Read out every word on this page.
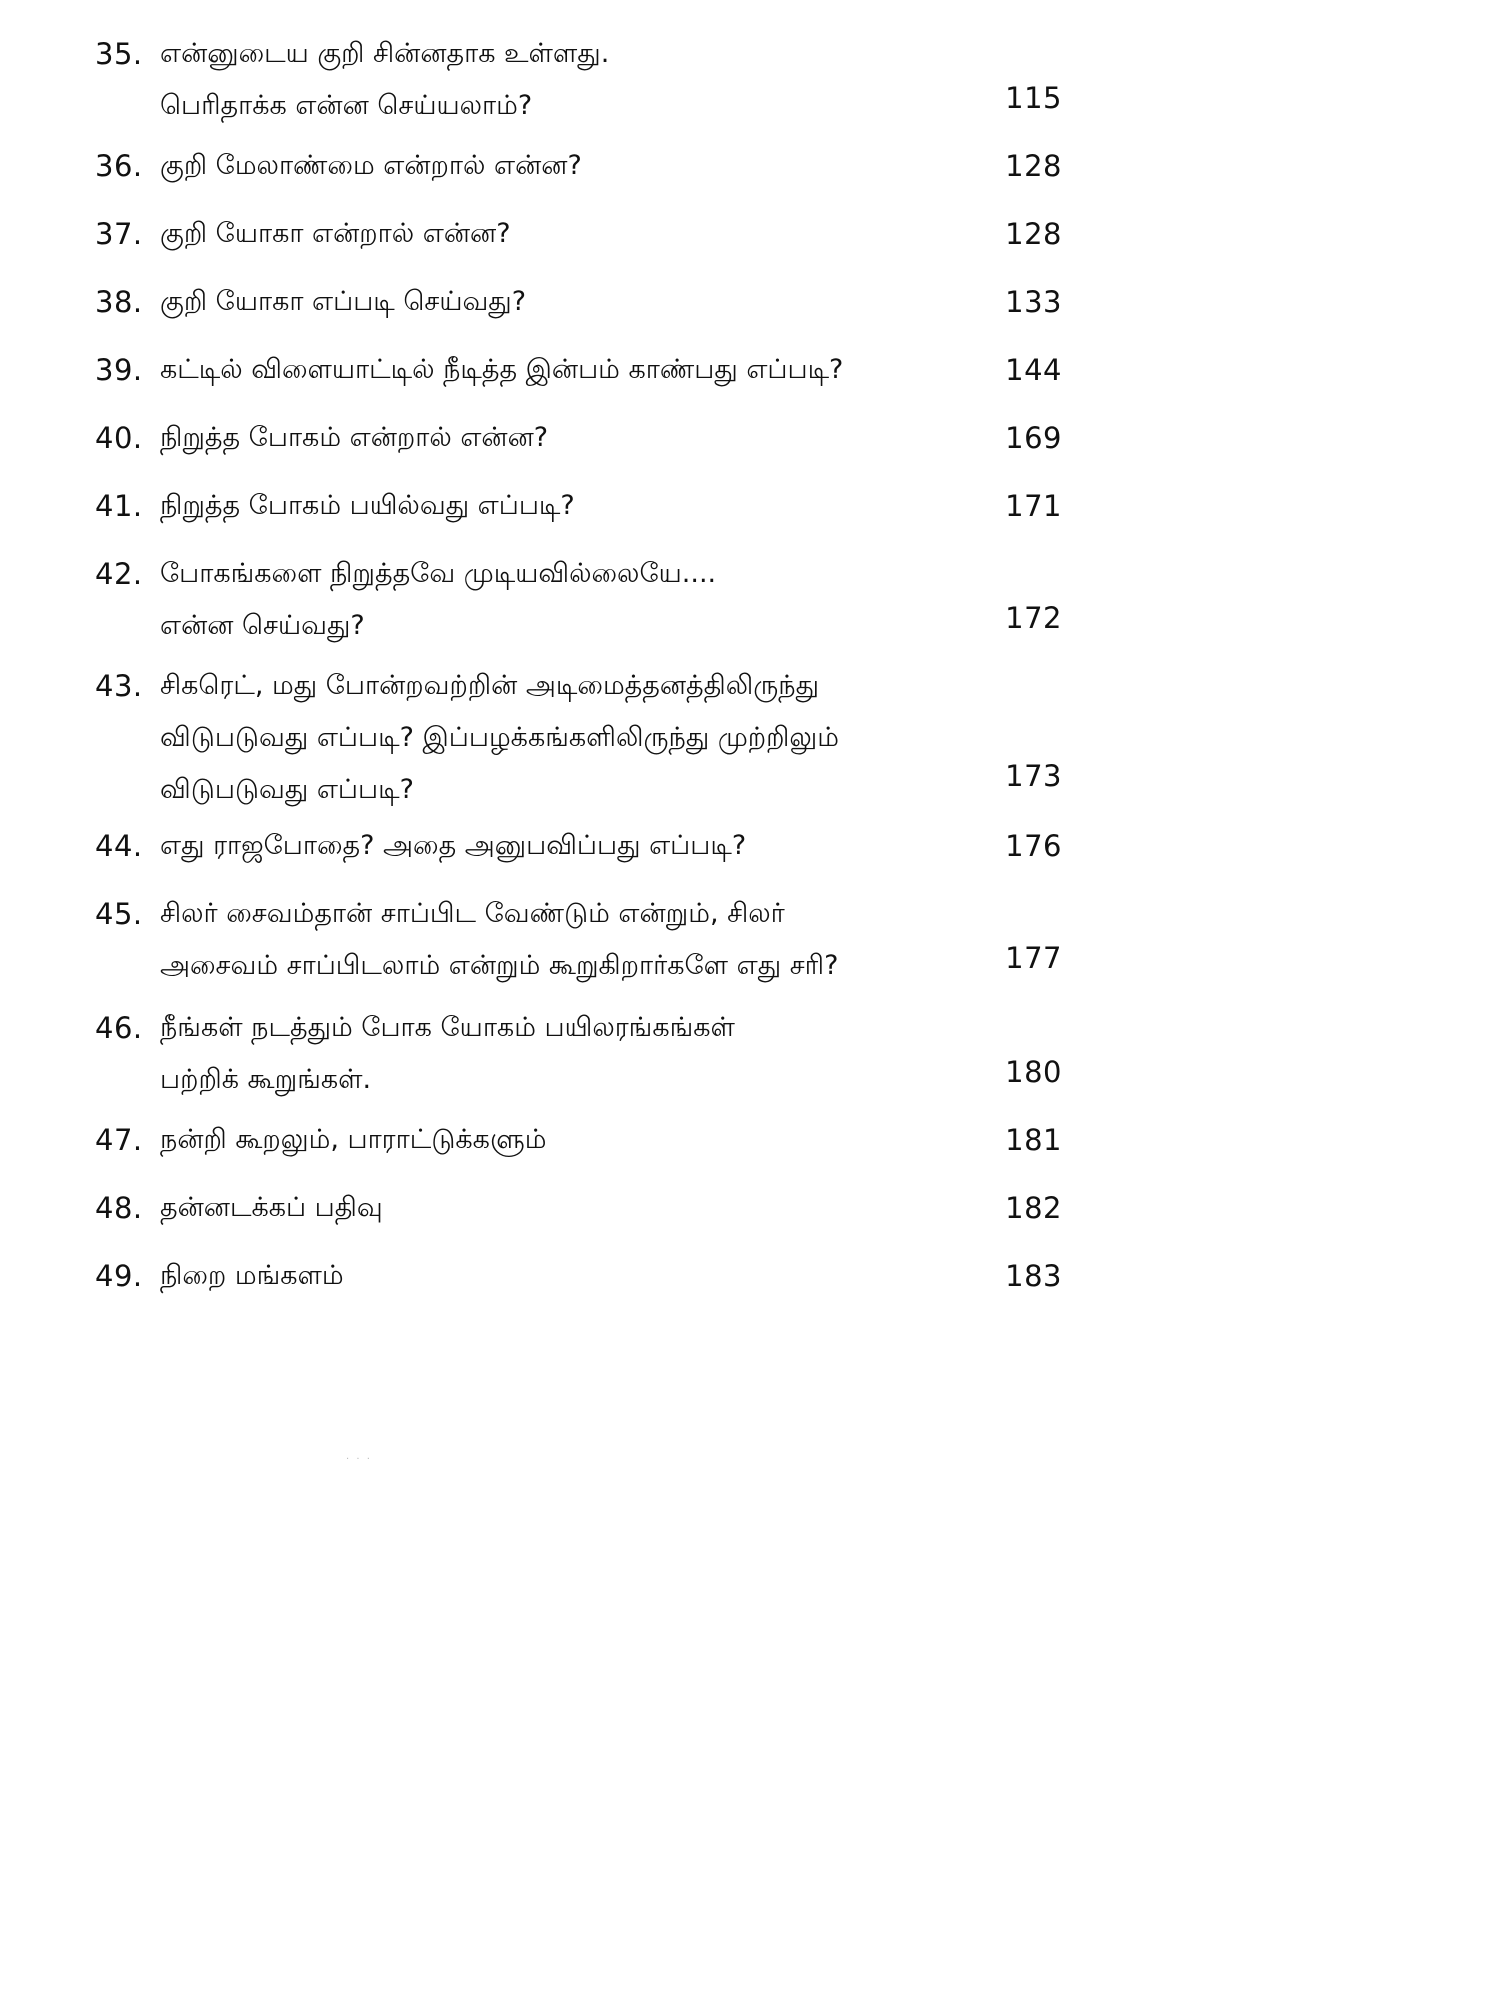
35. என்னுடைய குறி சின்னதாக உள்ளது.
பெரிதாக்க என்ன செய்யலாம்?	115
36. குறி மேலாண்மை என்றால் என்ன?	128
37. குறி யோகா என்றால் என்ன?	128
38. குறி யோகா எப்படி செய்வது?	133
39. கட்டில் விளையாட்டில் நீடித்த இன்பம் காண்பது எப்படி?	144
40. நிறுத்த போகம் என்றால் என்ன?	169
41. நிறுத்த போகம் பயில்வது எப்படி?	171
42. போகங்களை நிறுத்தவே முடியவில்லையே....
என்ன செய்வது?	172
43. சிகரெட், மது போன்றவற்றின் அடிமைத்தனத்திலிருந்து
விடுபடுவது எப்படி? இப்பழக்கங்களிலிருந்து முற்றிலும்
விடுபடுவது எப்படி?	173
44. எது ராஜபோதை? அதை அனுபவிப்பது எப்படி?	176
45. சிலர் சைவம்தான் சாப்பிட வேண்டும் என்றும், சிலர்
அசைவம் சாப்பிடலாம் என்றும் கூறுகிறார்களே எது சரி?	177
46. நீங்கள் நடத்தும் போக யோகம் பயிலரங்கங்கள்
பற்றிக் கூறுங்கள்.	180
47. நன்றி கூறலும், பாராட்டுக்களும்	181
48. தன்னடக்கப் பதிவு	182
49. நிறை மங்களம்	183
· · ·
